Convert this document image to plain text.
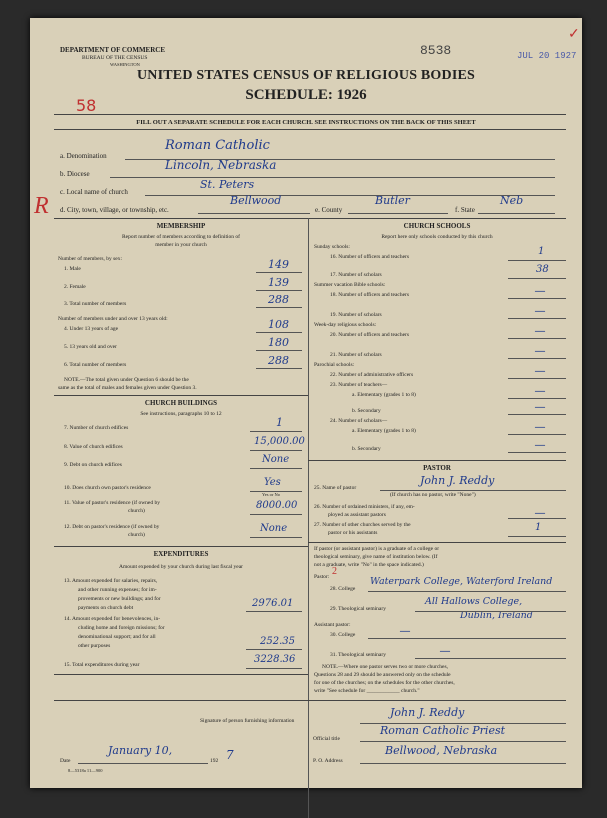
DEPARTMENT OF COMMERCE
BUREAU OF THE CENSUS
WASHINGTON
8538	JUL 20 1927
✓
UNITED STATES CENSUS OF RELIGIOUS BODIES
SCHEDULE: 1926
58
FILL OUT A SEPARATE SCHEDULE FOR EACH CHURCH. SEE INSTRUCTIONS ON THE BACK OF THIS SHEET
a. Denomination
Roman Catholic
b. Diocese
Lincoln, Nebraska
c. Local name of church
St. Peters
R d. City, town, village, or township, etc.
Bellwood
e. County
Butler
f. State
Neb
MEMBERSHIP
Report number of members according to definition of
member in your church
Number of members, by sex:
1. Male	149
2. Female	139
3. Total number of members	288
Number of members under and over 13 years old:
4. Under 13 years of age	108
5. 13 years old and over	180
6. Total number of members	288
NOTE.—The total given under Question 6 should be the
same as the total of males and females given under Question 3.
CHURCH BUILDINGS
See instructions, paragraphs 10 to 12
7. Number of church edifices	1
8. Value of church edifices	15,000.00
9. Debt on church edifices	None
10. Does church own pastor's residence	Yes
Yes or No
11. Value of pastor's residence (if owned by
church)	8000.00
12. Debt on pastor's residence (if owned by
church)
None
EXPENDITURES
Amount expended by your church during last fiscal year
13. Amount expended for salaries, repairs,
and other running expenses; for im-
provements or new buildings; and for
payments on church debt	2976.01
14. Amount expended for benevolences, in-
cluding home and foreign missions; for
denominational support; and for all
other purposes	252.35
15. Total expenditures during year	3228.36
CHURCH SCHOOLS
Report here only schools conducted by this church
Sunday schools:
16. Number of officers and teachers	1
17. Number of scholars	38
Summer vacation Bible schools:
18. Number of officers and teachers	—
19. Number of scholars	—
Week-day religious schools:
20. Number of officers and teachers	—
21. Number of scholars	—
Parochial schools:
22. Number of administrative officers	—
23. Number of teachers—
a. Elementary (grades 1 to 8)	—
b. Secondary	—
24. Number of scholars—
a. Elementary (grades 1 to 8)	—
b. Secondary	—
PASTOR
25. Name of pastor
John J. Reddy
(If church has no pastor, write "None")
26. Number of ordained ministers, if any, em-
ployed as assistant pastors	—
27. Number of other churches served by the
pastor or his assistants	1
If pastor (or assistant pastor) is a graduate of a college or
theological seminary, give name of institution below. (If
not a graduate, write "No" in the space indicated.)
Pastor: 2
28. College
Waterpark College, Waterford Ireland
29. Theological seminary
All Hallows College,
Dublin, Ireland
Assistant pastor:
30. College	—
31. Theological seminary	—
NOTE.—Where one pastor serves two or more churches,
Questions 28 and 29 should be answered only on the schedule
for one of the churches; on the schedules for the other churches,
write "See schedule for ____________ church."
Signature of person furnishing information
John J. Reddy
Official title
Roman Catholic Priest
Date
January 10,
192 7	P. O. Address
Bellwood, Nebraska
8—5318a 11—900
